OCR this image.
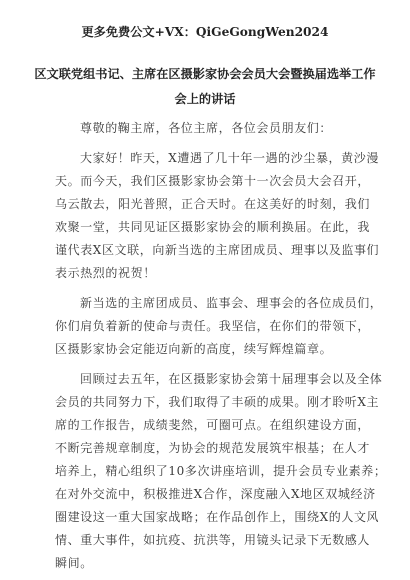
更多免费公文+VX：QiGeGongWen2024
区文联党组书记、主席在区摄影家协会会员大会暨换届选举工作
会上的讲话
尊敬的鞠主席，各位主席，各位会员朋友们：
大家好！昨天，X遭遇了几十年一遇的沙尘暴，黄沙漫
天。而今天，我们区摄影家协会第十一次会员大会召开，
乌云散去，阳光普照，正合天时。在这美好的时刻，我们
欢聚一堂，共同见证区摄影家协会的顺利换届。在此，我
谨代表X区文联，向新当选的主席团成员、理事以及监事们
表示热烈的祝贺！
新当选的主席团成员、监事会、理事会的各位成员们，
你们肩负着新的使命与责任。我坚信，在你们的带领下，
区摄影家协会定能迈向新的高度，续写辉煌篇章。
回顾过去五年，在区摄影家协会第十届理事会以及全体
会员的共同努力下，我们取得了丰硕的成果。刚才聆听X主
席的工作报告，成绩斐然，可圈可点。在组织建设方面，
不断完善规章制度，为协会的规范发展筑牢根基；在人才
培养上，精心组织了10多次讲座培训，提升会员专业素养；
在对外交流中，积极推进X合作，深度融入X地区双城经济
圈建设这一重大国家战略；在作品创作上，围绕X的人文风
情、重大事件，如抗疫、抗洪等，用镜头记录下无数感人
瞬间。
